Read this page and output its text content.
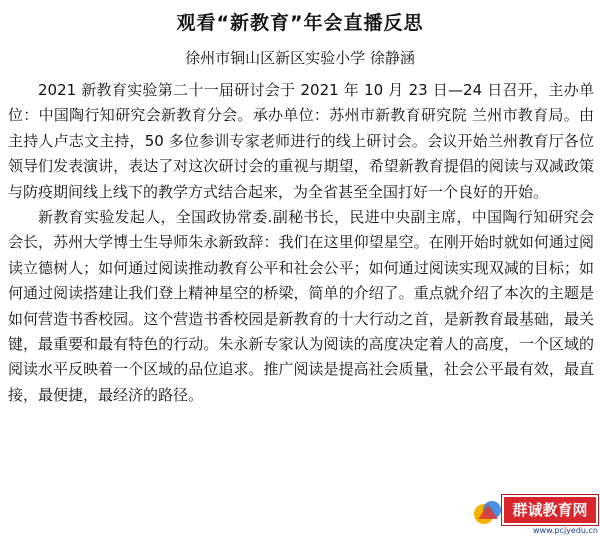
观看“新教育”年会直播反思
徐州市铜山区新区实验小学 徐静涵

2021 新教育实验第二十一届研讨会于 2021 年 10 月 23 日—24 日召开，主办单位：中国陶行知研究会新教育分会。承办单位：苏州市新教育研究院 兰州市教育局。由主持人卢志文主持，50 多位参训专家老师进行的线上研讨会。会议开始兰州教育厅各位领导们发表演讲，表达了对这次研讨会的重视与期望，希望新教育提倡的阅读与双减政策与防疫期间线上线下的教学方式结合起来，为全省甚至全国打好一个良好的开始。

新教育实验发起人，全国政协常委.副秘书长，民进中央副主席，中国陶行知研究会会长，苏州大学博士生导师朱永新致辞：我们在这里仰望星空。在刚开始时就如何通过阅读立德树人；如何通过阅读推动教育公平和社会公平；如何通过阅读实现双减的目标；如何通过阅读搭建让我们登上精神星空的桥梁，简单的介绍了。重点就介绍了本次的主题是如何营造书香校园。这个营造书香校园是新教育的十大行动之首，是新教育最基础，最关键，最重要和最有特色的行动。朱永新专家认为阅读的高度决定着人的高度，一个区域的阅读水平反映着一个区域的品位追求。推广阅读是提高社会质量，社会公平最有效，最直接，最便捷，最经济的路径。

群诚教育网
www.pcjyedu.cn
